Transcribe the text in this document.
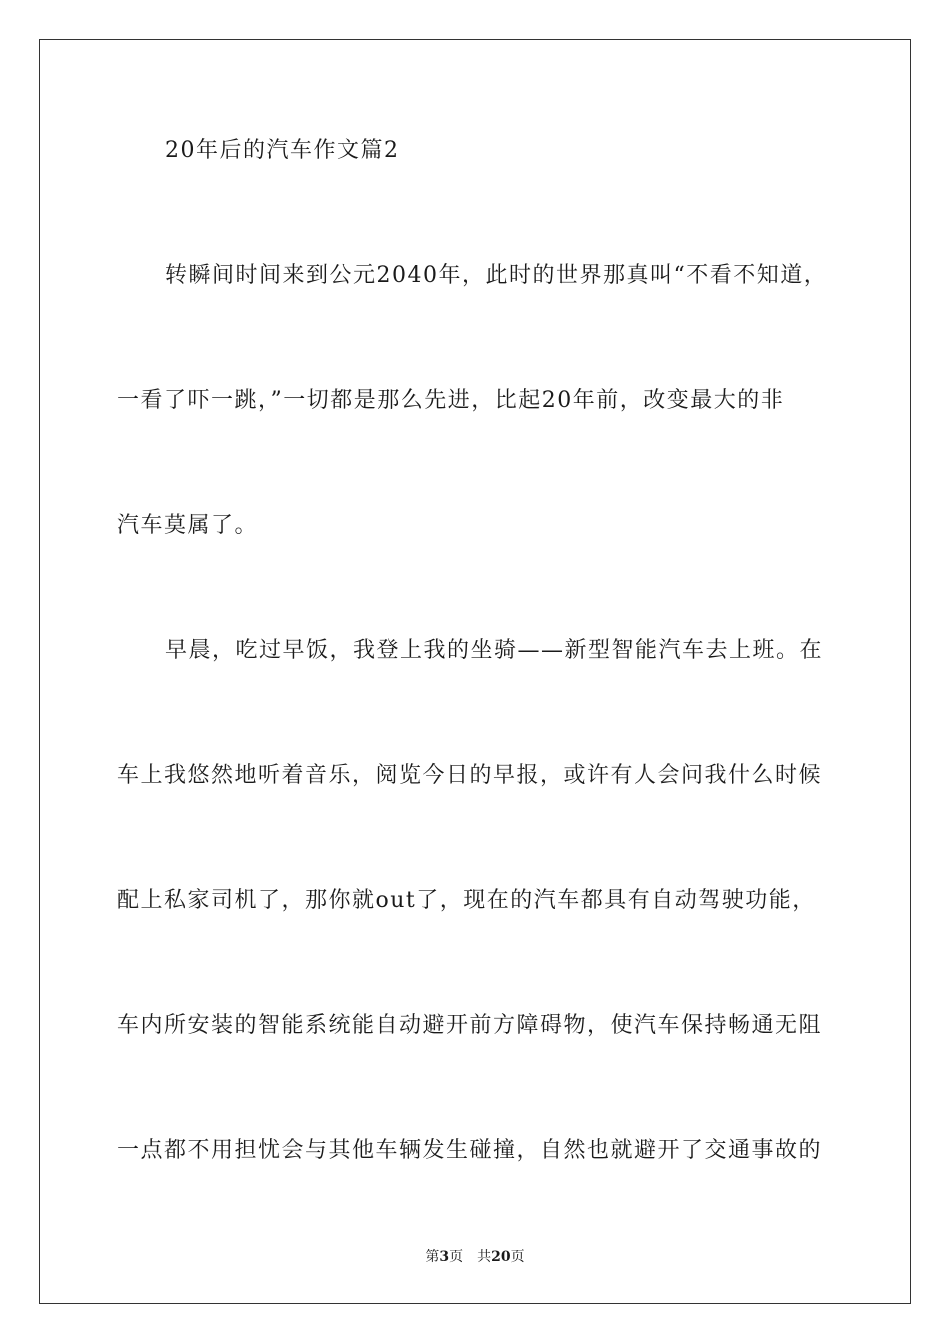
20年后的汽车作文篇2
转瞬间时间来到公元2040年，此时的世界那真叫“不看不知道，
一看了吓一跳，”一切都是那么先进，比起20年前，改变最大的非
汽车莫属了。
早晨，吃过早饭，我登上我的坐骑——新型智能汽车去上班。在
车上我悠然地听着音乐，阅览今日的早报，或许有人会问我什么时候
配上私家司机了，那你就out了，现在的汽车都具有自动驾驶功能，
车内所安装的智能系统能自动避开前方障碍物，使汽车保持畅通无阻
一点都不用担忧会与其他车辆发生碰撞，自然也就避开了交通事故的
第3页 共20页
